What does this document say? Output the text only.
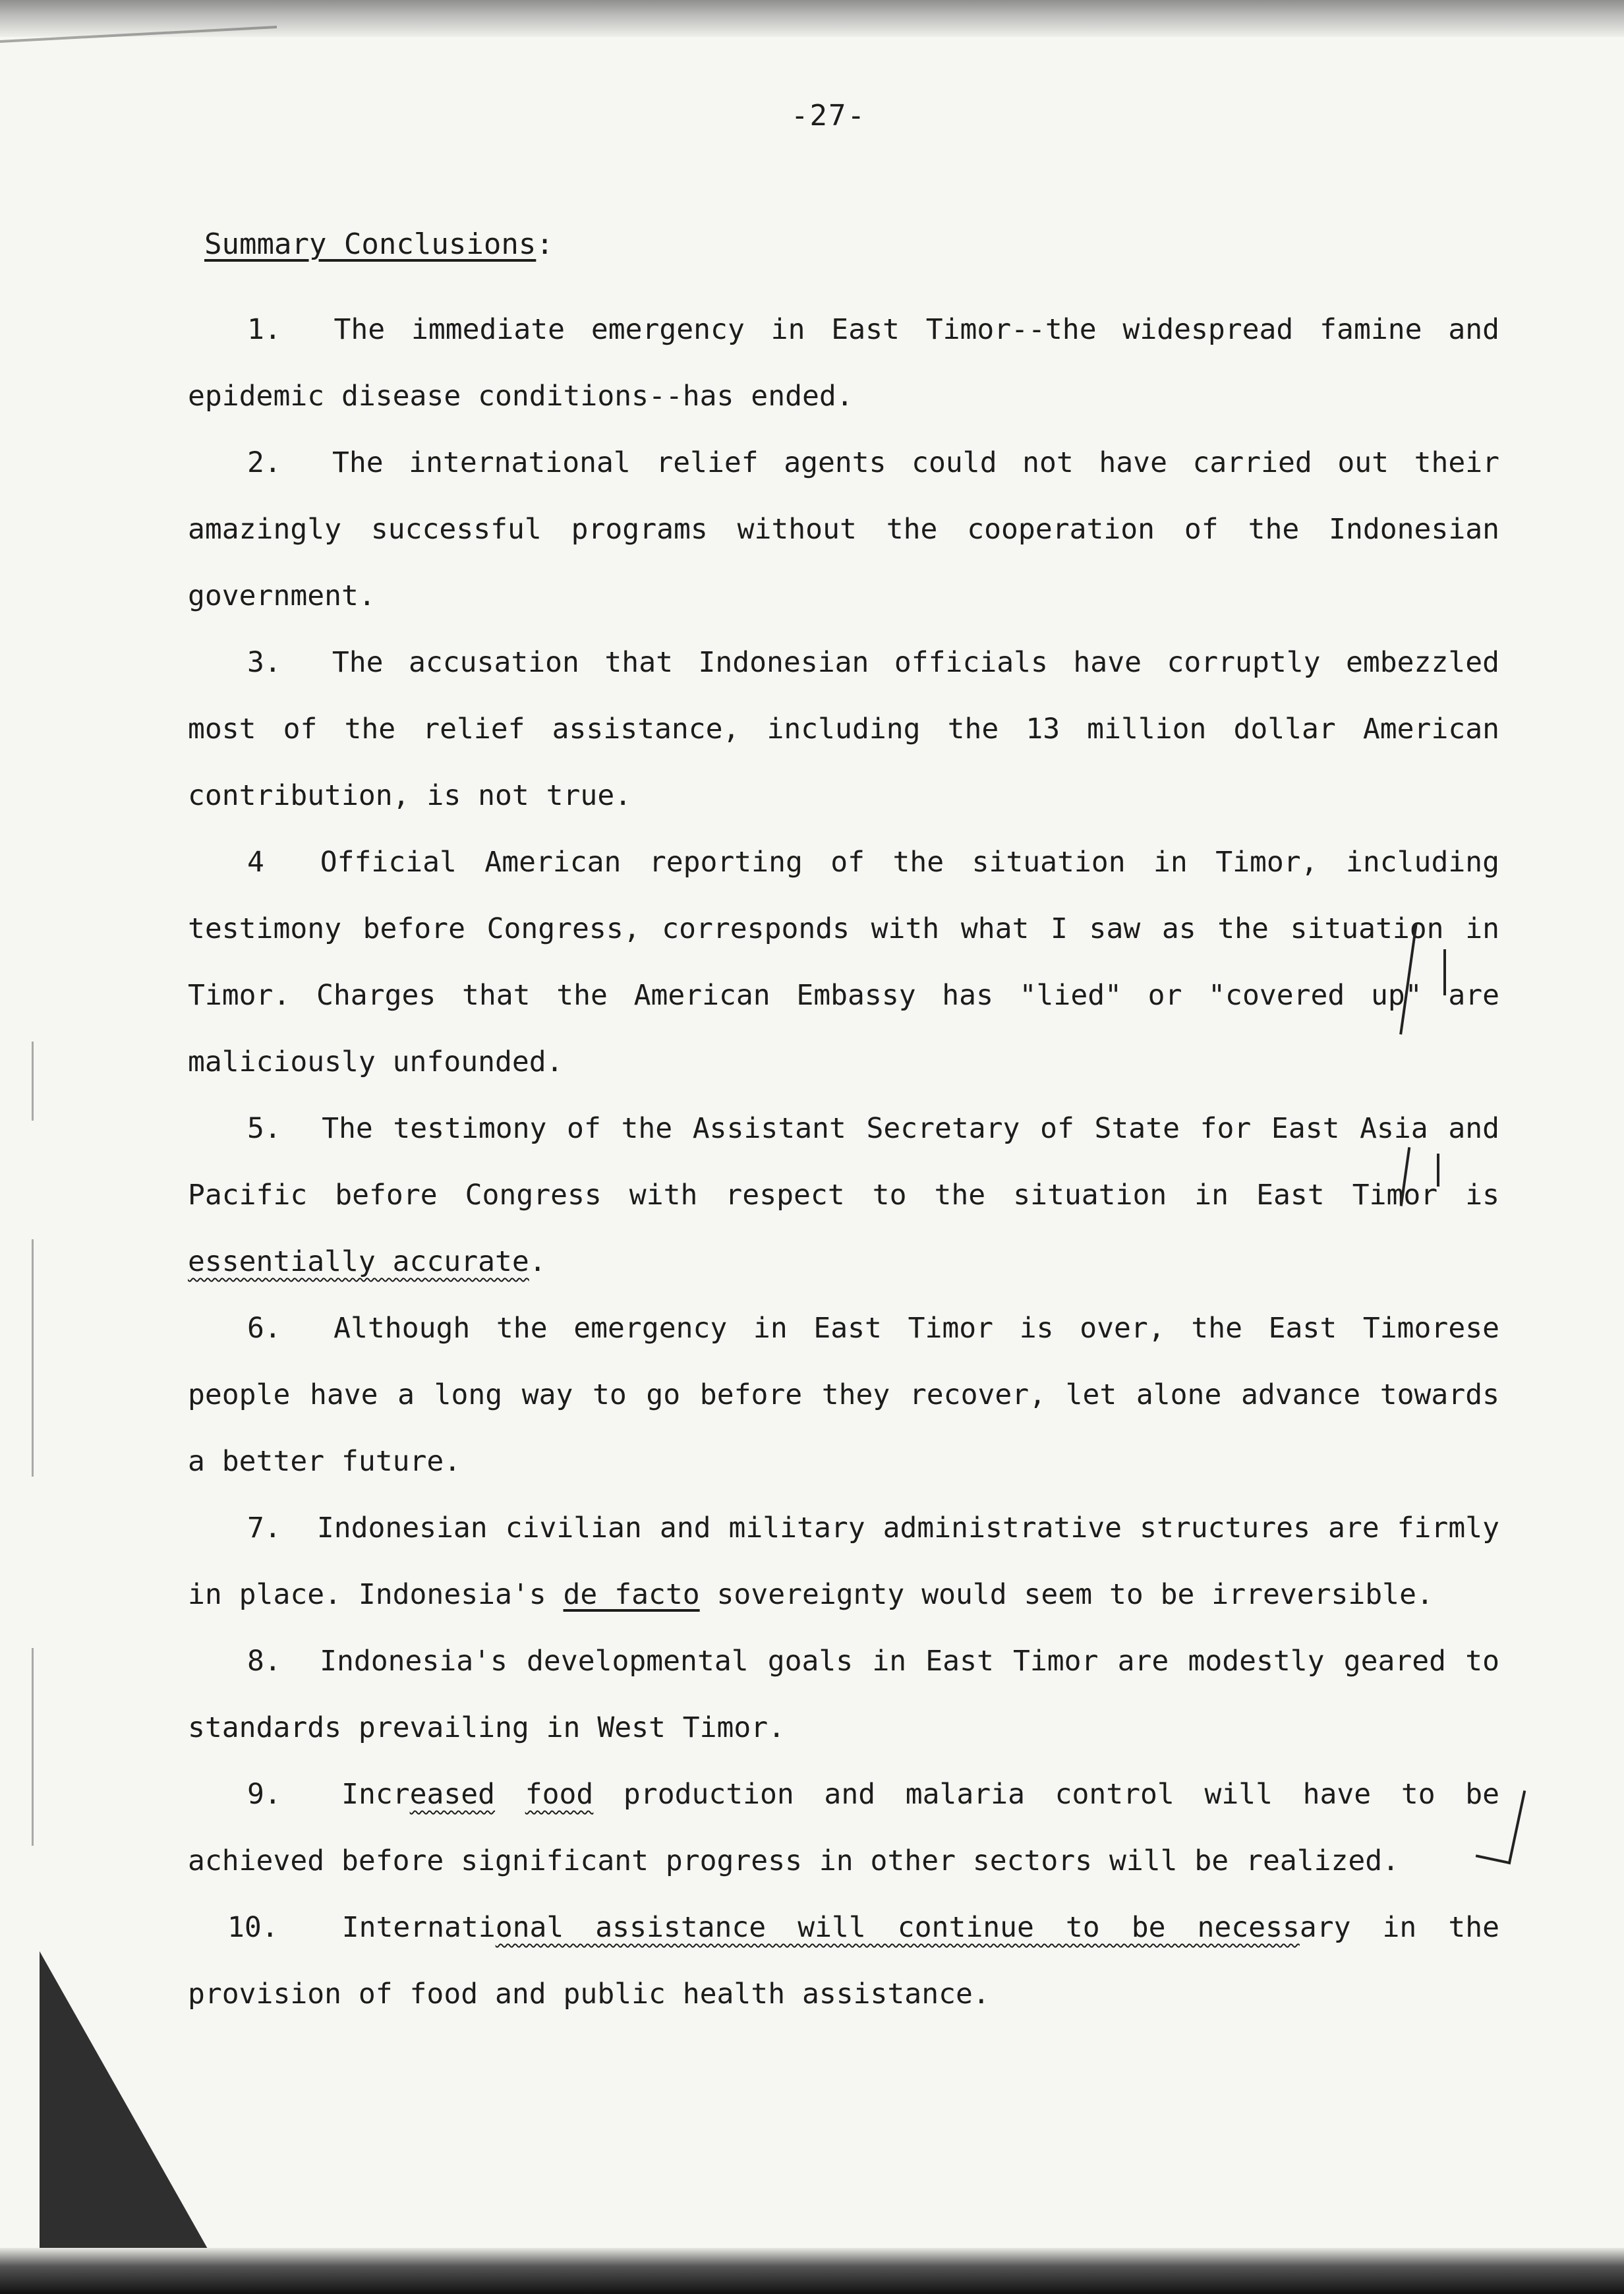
-27-
Summary Conclusions:

1. The immediate emergency in East Timor--the widespread famine and epidemic disease conditions--has ended.

2. The international relief agents could not have carried out their amazingly successful programs without the cooperation of the Indonesian government.

3. The accusation that Indonesian officials have corruptly embezzled most of the relief assistance, including the 13 million dollar American contribution, is not true.

4 Official American reporting of the situation in Timor, including testimony before Congress, corresponds with what I saw as the situation in Timor. Charges that the American Embassy has "lied" or "covered up" are maliciously unfounded.

5. The testimony of the Assistant Secretary of State for East Asia and Pacific before Congress with respect to the situation in East Timor is essentially accurate.

6. Although the emergency in East Timor is over, the East Timorese people have a long way to go before they recover, let alone advance towards a better future.

7. Indonesian civilian and military administrative structures are firmly in place. Indonesia's de facto sovereignty would seem to be irreversible.

8. Indonesia's developmental goals in East Timor are modestly geared to standards prevailing in West Timor.

9. Increased food production and malaria control will have to be achieved before significant progress in other sectors will be realized.

10. International assistance will continue to be necessary in the provision of food and public health assistance.
